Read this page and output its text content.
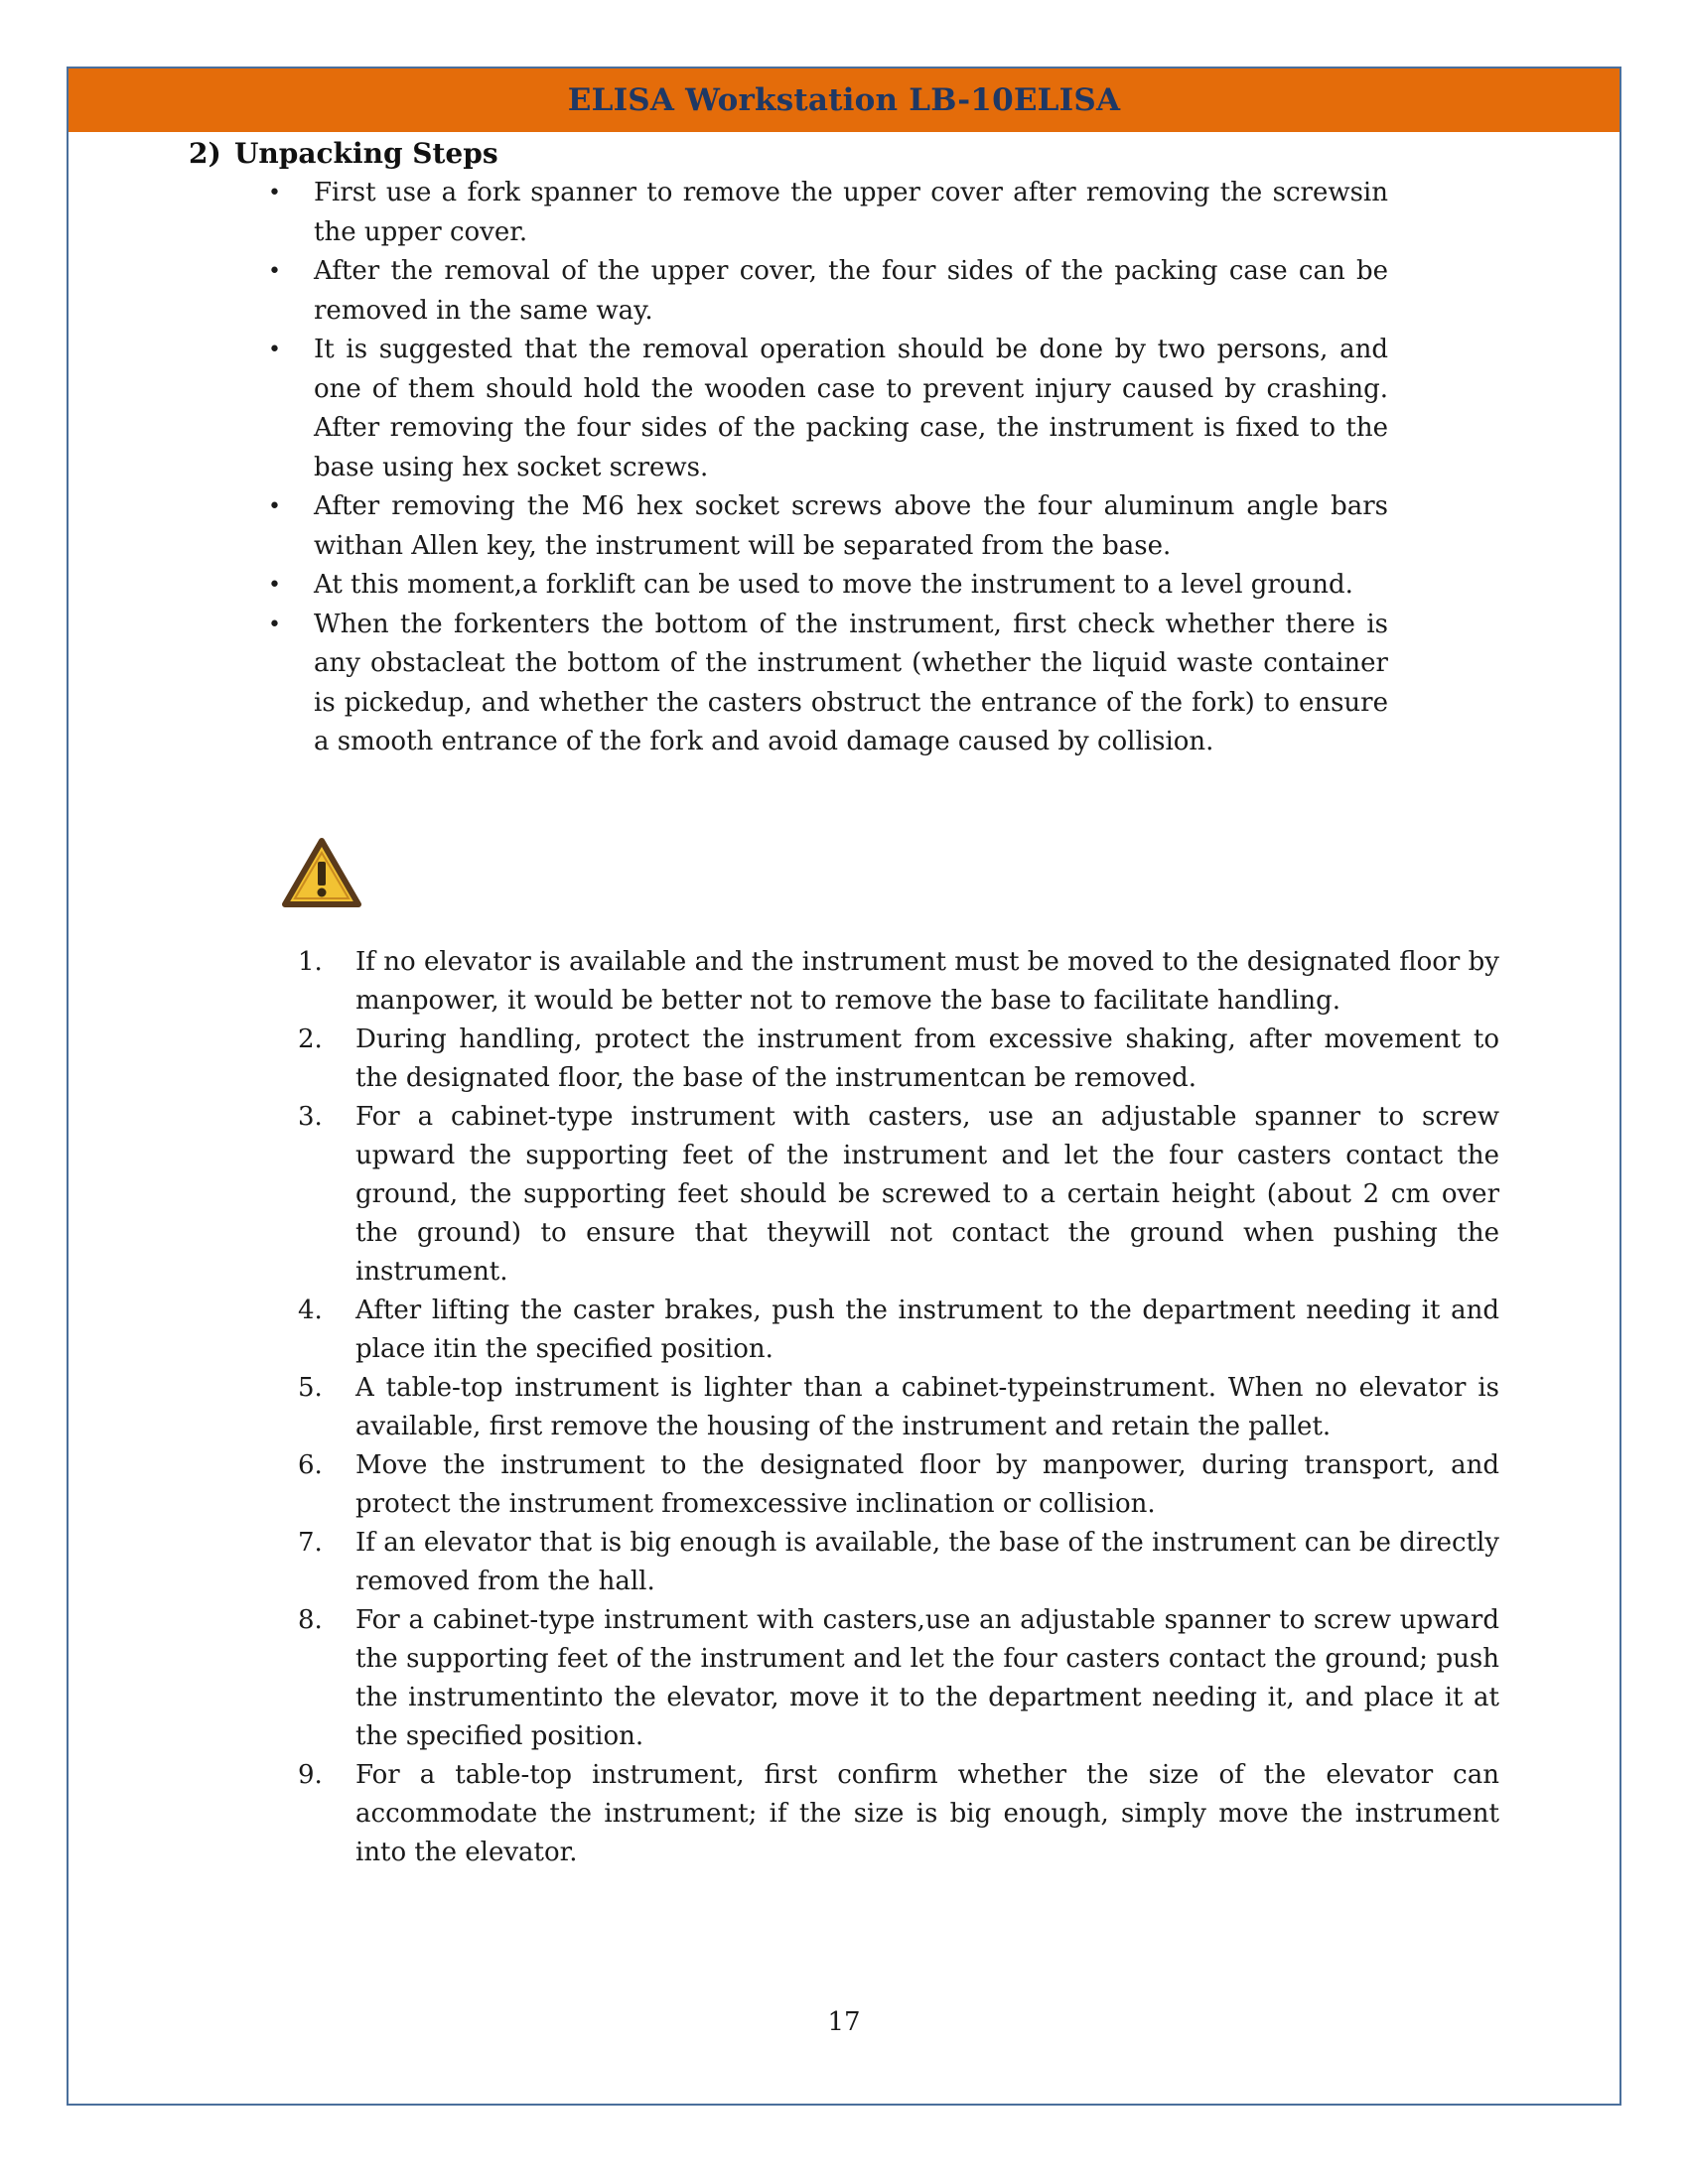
ELISA Workstation LB-10ELISA
2) Unpacking Steps
• First use a fork spanner to remove the upper cover after removing the screwsin the upper cover.
• After the removal of the upper cover, the four sides of the packing case can be removed in the same way.
• It is suggested that the removal operation should be done by two persons, and one of them should hold the wooden case to prevent injury caused by crashing. After removing the four sides of the packing case, the instrument is fixed to the base using hex socket screws.
• After removing the M6 hex socket screws above the four aluminum angle bars withan Allen key, the instrument will be separated from the base.
• At this moment,a forklift can be used to move the instrument to a level ground.
• When the forkenters the bottom of the instrument, first check whether there is any obstacleat the bottom of the instrument (whether the liquid waste container is pickedup, and whether the casters obstruct the entrance of the fork) to ensure a smooth entrance of the fork and avoid damage caused by collision.
1. If no elevator is available and the instrument must be moved to the designated floor by manpower, it would be better not to remove the base to facilitate handling.
2. During handling, protect the instrument from excessive shaking, after movement to the designated floor, the base of the instrumentcan be removed.
3. For a cabinet-type instrument with casters, use an adjustable spanner to screw upward the supporting feet of the instrument and let the four casters contact the ground, the supporting feet should be screwed to a certain height (about 2 cm over the ground) to ensure that theywill not contact the ground when pushing the instrument.
4. After lifting the caster brakes, push the instrument to the department needing it and place itin the specified position.
5. A table-top instrument is lighter than a cabinet-typeinstrument. When no elevator is available, first remove the housing of the instrument and retain the pallet.
6. Move the instrument to the designated floor by manpower, during transport, and protect the instrument fromexcessive inclination or collision.
7. If an elevator that is big enough is available, the base of the instrument can be directly removed from the hall.
8. For a cabinet-type instrument with casters,use an adjustable spanner to screw upward the supporting feet of the instrument and let the four casters contact the ground; push the instrumentinto the elevator, move it to the department needing it, and place it at the specified position.
9. For a table-top instrument, first confirm whether the size of the elevator can accommodate the instrument; if the size is big enough, simply move the instrument into the elevator.
17
